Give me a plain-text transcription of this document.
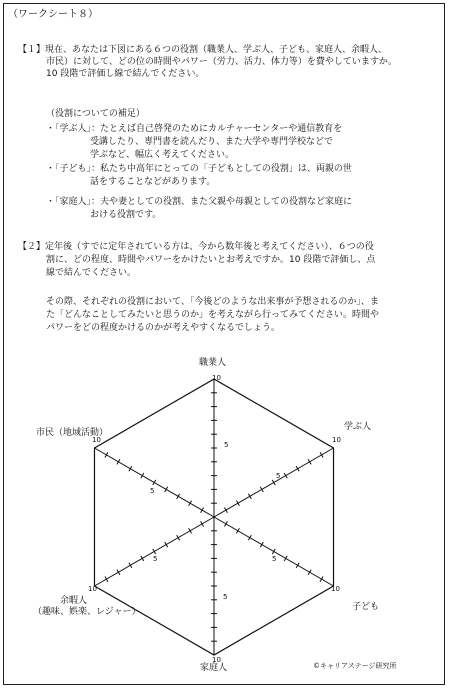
（ワークシート８）
【１】現在、あなたは下図にある６つの役割（職業人、学ぶ人、子ども、家庭人、余暇人、
市民）に対して、どの位の時間やパワー（労力、活力、体力等）を費やしていますか。
10 段階で評価し線で結んでください。
（役割についての補足）
・「学ぶ人」：たとえば自己啓発のためにカルチャーセンターや通信教育を
受講したり、専門書を読んだり、また大学や専門学校などで
学ぶなど、幅広く考えてください。
・「子ども」：私たち中高年にとっての「子どもとしての役割」は、両親の世
話をすることなどがあります。
・「家庭人」：夫や妻としての役割、また父親や母親としての役割など家庭に
おける役割です。
【２】定年後（すでに定年されている方は、今から数年後と考えてください）、６つの役
割に、どの程度、時間やパワーをかけたいとお考えですか。10 段階で評価し、点
線で結んでください。
その際、それぞれの役割において、「今後どのような出来事が予想されるのか」、ま
た「どんなことしてみたいと思うのか」を考えながら行ってみてください。時間や
パワーをどの程度かけるのかが考えやすくなるでしょう。
職業人
学ぶ人
子ども
家庭人
余暇人
（趣味、娯楽、レジャー）
市民（地域活動）
10
5
10
5
10
5
10
5
10
5
10
5
©キャリアステージ研究所
